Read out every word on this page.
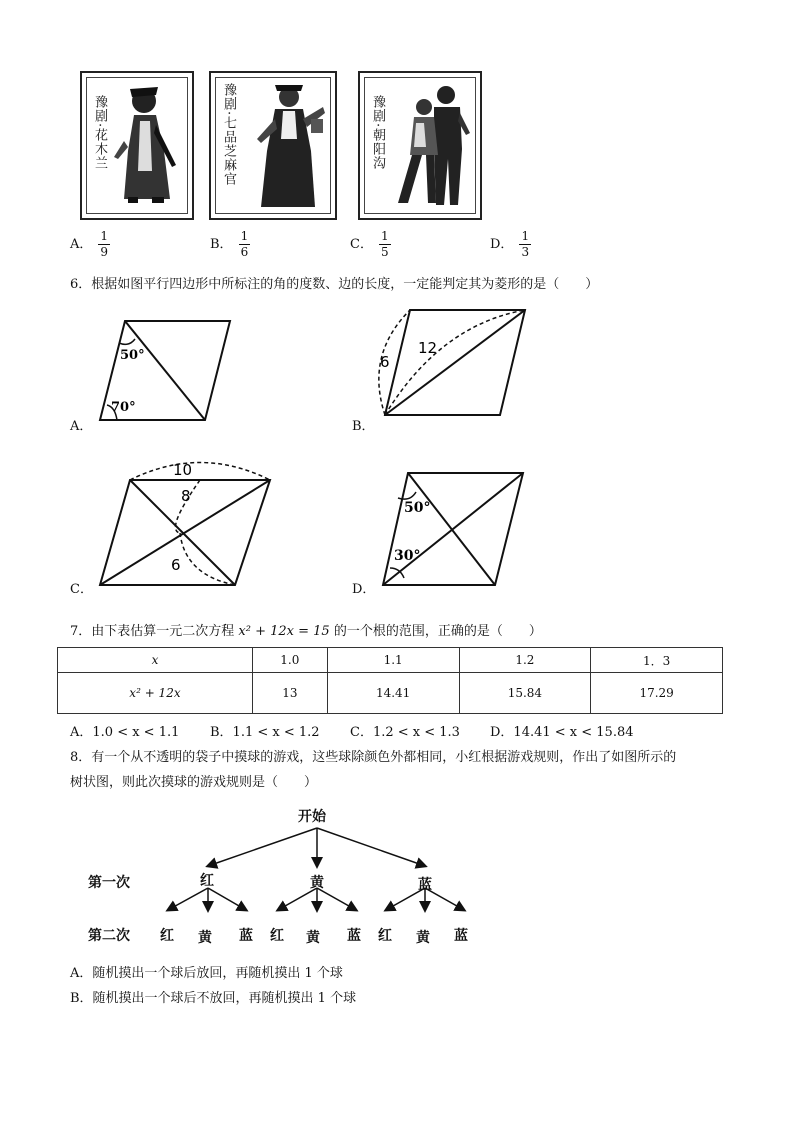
豫剧·花木兰	豫剧·七品芝麻官	豫剧·朝阳沟
A． $\frac{1}{9}$	B． $\frac{1}{6}$	C． $\frac{1}{5}$	D． $\frac{1}{3}$
6．根据如图平行四边形中所标注的角的度数、边的长度，一定能判定其为菱形的是（　　）
A．
50°
70°
B．
6
12
C．
10
8
6
D．
50°
30°
7．由下表估算一元二次方程 x² + 12x = 15 的一个根的范围，正确的是（　　）
x	1.0	1.1	1.2	1．3
x² + 12x	13	14.41	15.84	17.29
A．1.0 < x < 1.1 B．1.1 < x < 1.2 C．1.2 < x < 1.3 D．14.41 < x < 15.84
8．有一个从不透明的袋子中摸球的游戏，这些球除颜色外都相同，小红根据游戏规则，作出了如图所示的
树状图，则此次摸球的游戏规则是（　　）
开始
第一次
第二次
红	黄	蓝
红 黄 蓝 红 黄 蓝 红 黄 蓝
A．随机摸出一个球后放回，再随机摸出 1 个球
B．随机摸出一个球后不放回，再随机摸出 1 个球
